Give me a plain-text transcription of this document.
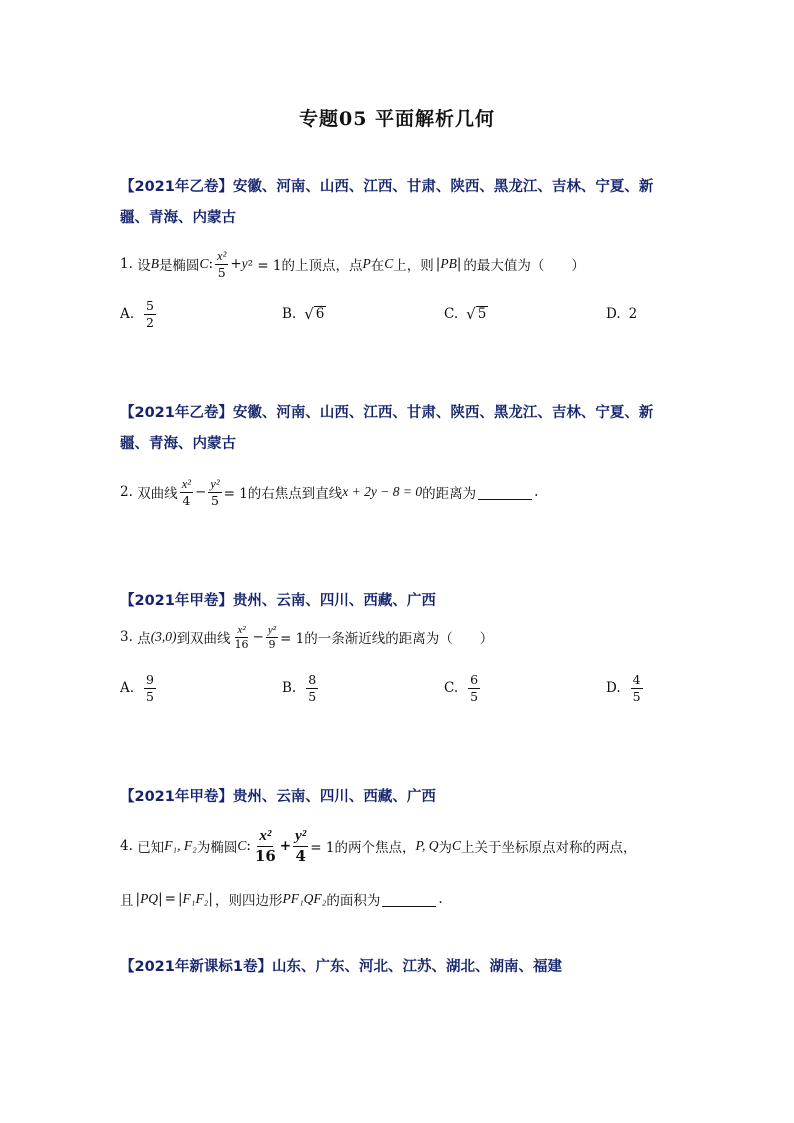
专题05 平面解析几何
【2021年乙卷】安徽、河南、山西、江西、甘肃、陕西、黑龙江、吉林、宁夏、新疆、青海、内蒙古
1.
设 B 是椭圆 C : $\frac{\text{x²}}{5} + y$ ² = 1的上顶点，点 P 在 C 上，则 |PB| 的最大值为（　　）
A. $\frac{5}{2}$	B. √ 6	C. √ 5	D. 2
【2021年乙卷】安徽、河南、山西、江西、甘肃、陕西、黑龙江、吉林、宁夏、新疆、青海、内蒙古
2.
双曲线 $\frac{\text{x²}}{4} - \frac{\text{y²}}{5} = 1$的右焦点到直线 x + 2y − 8 = 0 的距离为	.
【2021年甲卷】贵州、云南、四川、西藏、广西
3.
点 (3,0) 到双曲线 $\frac{\text{x²}}{16} - \frac{\text{y²}}{9} = 1$的一条渐近线的距离为（　　）
A. $\frac{9}{5}$	B. $\frac{8}{5}$	C. $\frac{6}{5}$	D. $\frac{4}{5}$
【2021年甲卷】贵州、云南、四川、西藏、广西
4.
已知 F₁, F₂ 为椭圆 C : $\frac{\text{x²}}{16} + \frac{\text{y²}}{4} = 1$的两个焦点， P, Q 为 C 上关于坐标原点对称的两点，
且 |PQ| = |F₁F₂| ，则四边形 PF₁QF₂ 的面积为	.
【2021年新课标1卷】山东、广东、河北、江苏、湖北、湖南、福建
